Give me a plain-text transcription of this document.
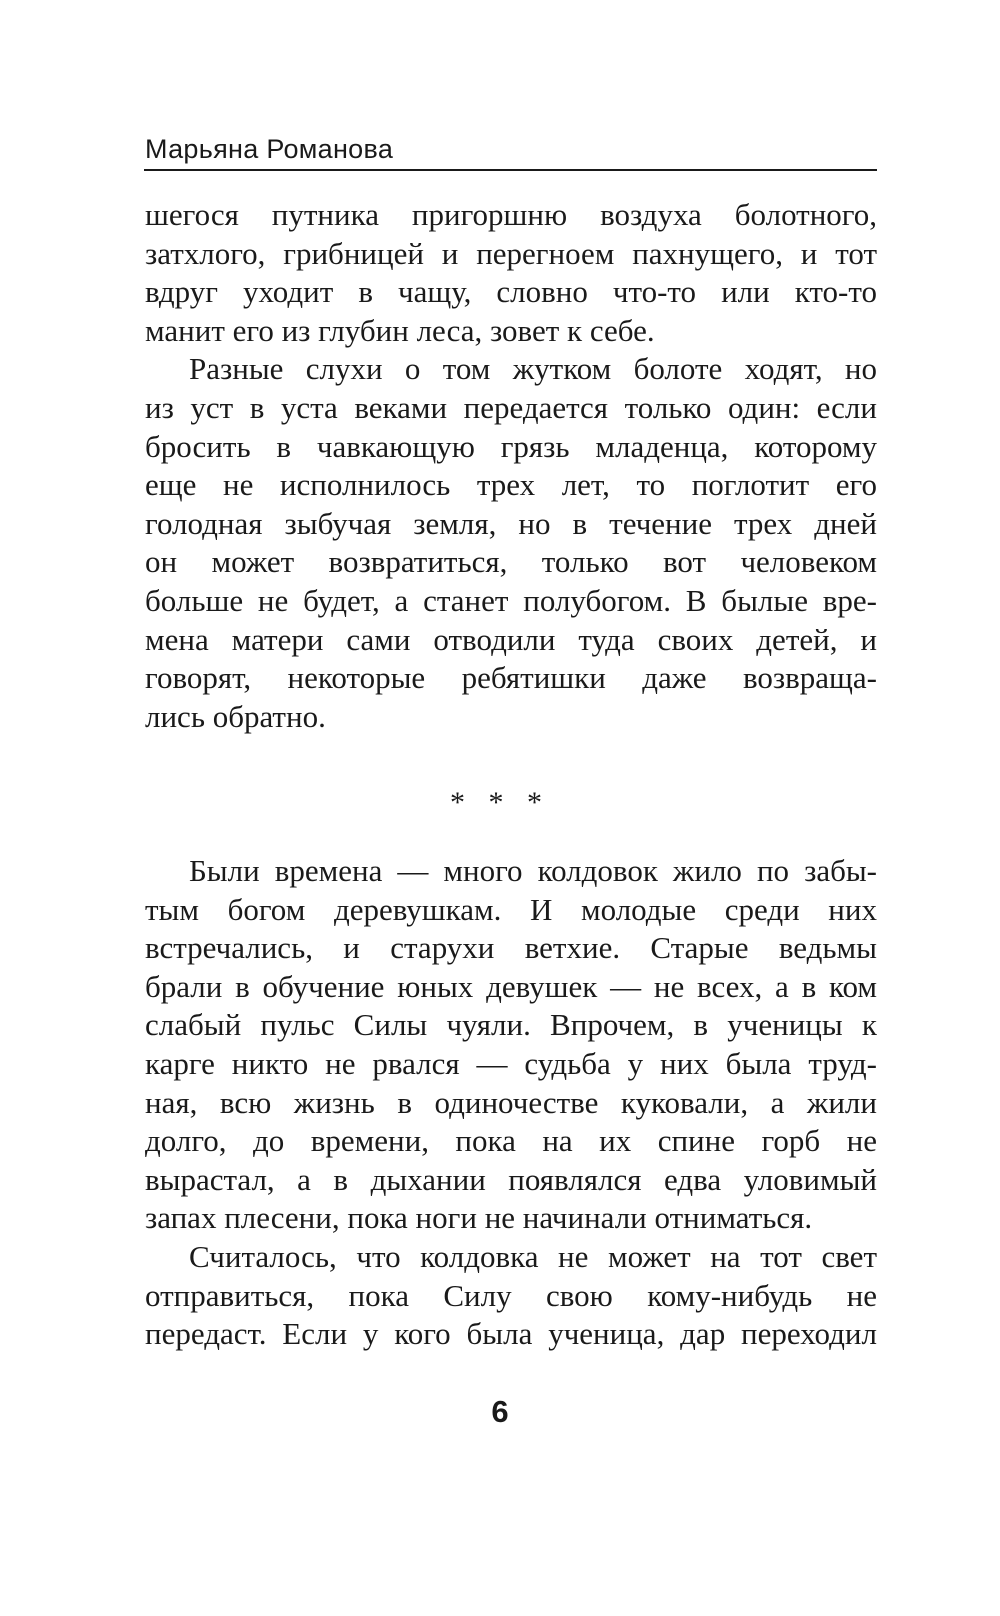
Марьяна Романова
шегося путника пригоршню воздуха болотного,
затхлого, грибницей и перегноем пахнущего, и тот
вдруг уходит в чащу, словно что-то или кто-то
манит его из глубин леса, зовет к себе.
Разные слухи о том жутком болоте ходят, но
из уст в уста веками передается только один: если
бросить в чавкающую грязь младенца, которому
еще не исполнилось трех лет, то поглотит его
голодная зыбучая земля, но в течение трех дней
он может возвратиться, только вот человеком
больше не будет, а станет полубогом. В былые вре-
мена матери сами отводили туда своих детей, и
говорят, некоторые ребятишки даже возвраща-
лись обратно.
* * *
Были времена — много колдовок жило по забы-
тым богом деревушкам. И молодые среди них
встречались, и старухи ветхие. Старые ведьмы
брали в обучение юных девушек — не всех, а в ком
слабый пульс Силы чуяли. Впрочем, в ученицы к
карге никто не рвался — судьба у них была труд-
ная, всю жизнь в одиночестве куковали, а жили
долго, до времени, пока на их спине горб не
вырастал, а в дыхании появлялся едва уловимый
запах плесени, пока ноги не начинали отниматься.
Считалось, что колдовка не может на тот свет
отправиться, пока Силу свою кому-нибудь не
передаст. Если у кого была ученица, дар переходил
6
